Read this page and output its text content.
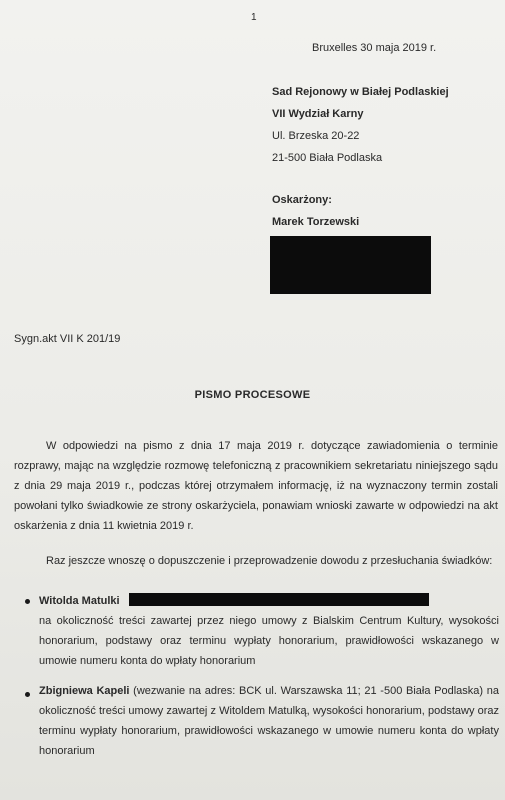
1
Bruxelles 30 maja 2019 r.
Sad Rejonowy w Białej Podlaskiej
VII Wydział Karny
Ul. Brzeska 20-22
21-500 Biała Podlaska
Oskarżony:
Marek Torzewski
Sygn.akt VII K 201/19
PISMO PROCESOWE

W odpowiedzi na pismo z dnia 17 maja 2019 r. dotyczące zawiadomienia o terminie rozprawy, mając na względzie rozmowę telefoniczną z pracownikiem sekretariatu niniejszego sądu z dnia 29 maja 2019 r., podczas której otrzymałem informację, iż na wyznaczony termin zostali powołani tylko świadkowie ze strony oskarżyciela, ponawiam wnioski zawarte w odpowiedzi na akt oskarżenia z dnia 11 kwietnia 2019 r.

Raz jeszcze wnoszę o dopuszczenie i przeprowadzenie dowodu z przesłuchania świadków:

Witolda Matulki

na okoliczność treści zawartej przez niego umowy z Bialskim Centrum Kultury, wysokości honorarium, podstawy oraz terminu wypłaty honorarium, prawidłowości wskazanego w umowie numeru konta do wpłaty honorarium

Zbigniewa Kapeli (wezwanie na adres: BCK ul. Warszawska 11; 21 -500 Biała Podlaska) na okoliczność treści umowy zawartej z Witoldem Matulką, wysokości honorarium, podstawy oraz terminu wypłaty honorarium, prawidłowości wskazanego w umowie numeru konta do wpłaty honorarium
